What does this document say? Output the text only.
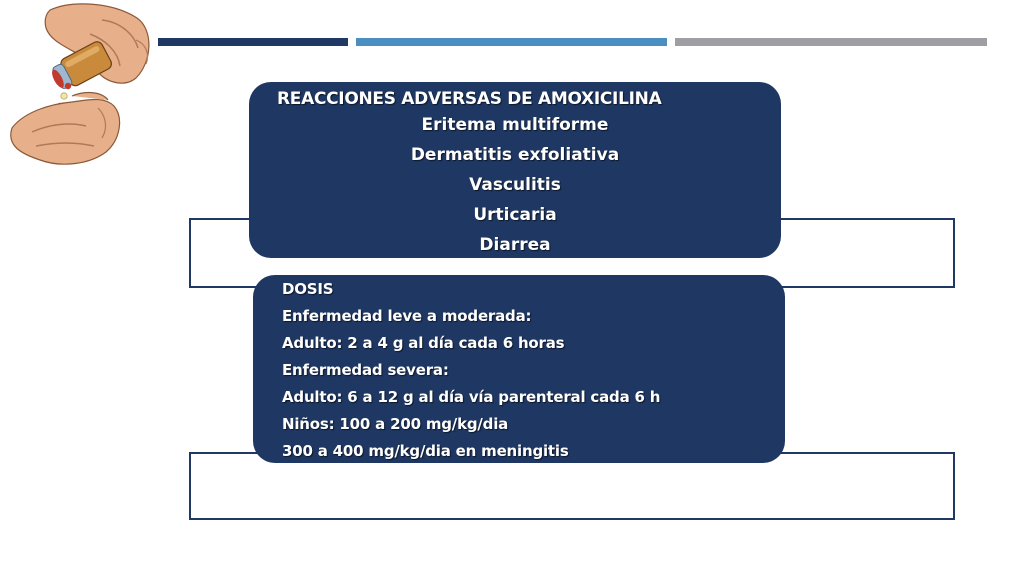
REACCIONES ADVERSAS DE AMOXICILINA
Eritema multiforme
Dermatitis exfoliativa
Vasculitis
Urticaria
Diarrea
DOSIS
Enfermedad leve a moderada:
Adulto: 2 a 4 g al día cada 6 horas
Enfermedad severa:
Adulto: 6 a 12 g al día vía parenteral cada 6 h
Niños: 100 a 200 mg/kg/dia
300 a 400 mg/kg/dia en meningitis
